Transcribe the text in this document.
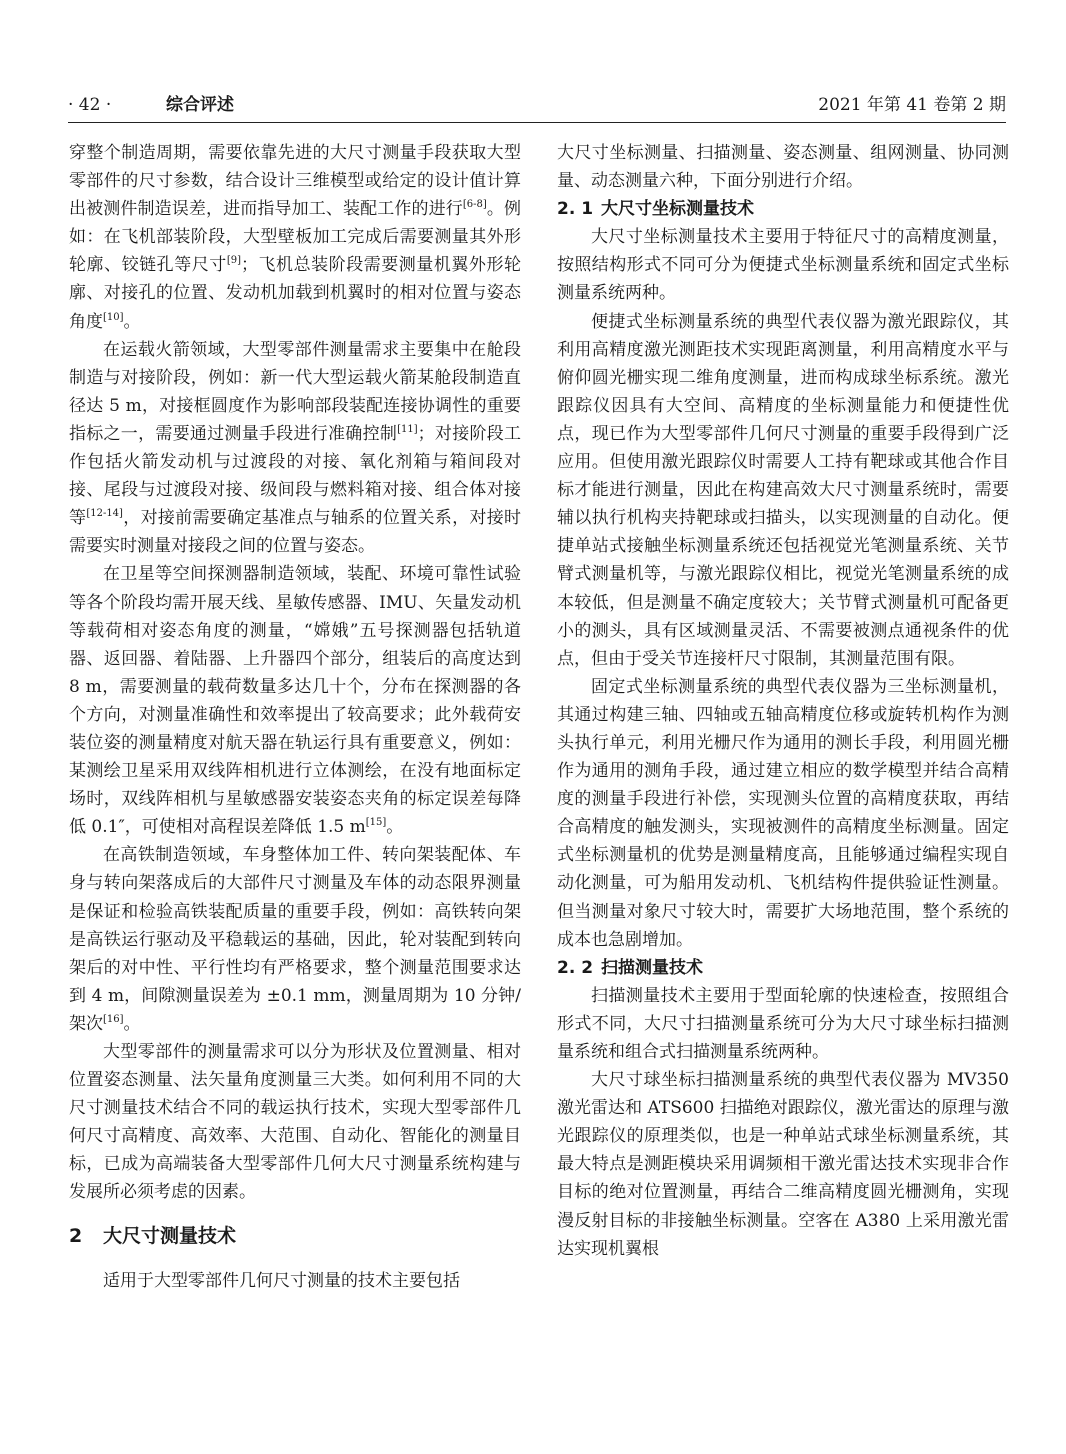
· 42 ·	综合评述	2021 年第 41 卷第 2 期

穿整个制造周期，需要依靠先进的大尺寸测量手段获取大型零部件的尺寸参数，结合设计三维模型或给定的设计值计算出被测件制造误差，进而指导加工、装配工作的进行[6-8]。例如：在飞机部装阶段，大型壁板加工完成后需要测量其外形轮廓、铰链孔等尺寸[9]；飞机总装阶段需要测量机翼外形轮廓、对接孔的位置、发动机加载到机翼时的相对位置与姿态角度[10]。

在运载火箭领域，大型零部件测量需求主要集中在舱段制造与对接阶段，例如：新一代大型运载火箭某舱段制造直径达 5 m，对接框圆度作为影响部段装配连接协调性的重要指标之一，需要通过测量手段进行准确控制[11]；对接阶段工作包括火箭发动机与过渡段的对接、氧化剂箱与箱间段对接、尾段与过渡段对接、级间段与燃料箱对接、组合体对接等[12-14]，对接前需要确定基准点与轴系的位置关系，对接时需要实时测量对接段之间的位置与姿态。

在卫星等空间探测器制造领域，装配、环境可靠性试验等各个阶段均需开展天线、星敏传感器、IMU、矢量发动机等载荷相对姿态角度的测量，“嫦娥”五号探测器包括轨道器、返回器、着陆器、上升器四个部分，组装后的高度达到 8 m，需要测量的载荷数量多达几十个，分布在探测器的各个方向，对测量准确性和效率提出了较高要求；此外载荷安装位姿的测量精度对航天器在轨运行具有重要意义，例如：某测绘卫星采用双线阵相机进行立体测绘，在没有地面标定场时，双线阵相机与星敏感器安装姿态夹角的标定误差每降低 0.1″，可使相对高程误差降低 1.5 m[15]。

在高铁制造领域，车身整体加工件、转向架装配体、车身与转向架落成后的大部件尺寸测量及车体的动态限界测量是保证和检验高铁装配质量的重要手段，例如：高铁转向架是高铁运行驱动及平稳载运的基础，因此，轮对装配到转向架后的对中性、平行性均有严格要求，整个测量范围要求达到 4 m，间隙测量误差为 ±0.1 mm，测量周期为 10 分钟/架次[16]。

大型零部件的测量需求可以分为形状及位置测量、相对位置姿态测量、法矢量角度测量三大类。如何利用不同的大尺寸测量技术结合不同的载运执行技术，实现大型零部件几何尺寸高精度、高效率、大范围、自动化、智能化的测量目标，已成为高端装备大型零部件几何大尺寸测量系统构建与发展所必须考虑的因素。

2 大尺寸测量技术

适用于大型零部件几何尺寸测量的技术主要包括

大尺寸坐标测量、扫描测量、姿态测量、组网测量、协同测量、动态测量六种，下面分别进行介绍。

2. 1 大尺寸坐标测量技术

大尺寸坐标测量技术主要用于特征尺寸的高精度测量，按照结构形式不同可分为便捷式坐标测量系统和固定式坐标测量系统两种。

便捷式坐标测量系统的典型代表仪器为激光跟踪仪，其利用高精度激光测距技术实现距离测量，利用高精度水平与俯仰圆光栅实现二维角度测量，进而构成球坐标系统。激光跟踪仪因具有大空间、高精度的坐标测量能力和便捷性优点，现已作为大型零部件几何尺寸测量的重要手段得到广泛应用。但使用激光跟踪仪时需要人工持有靶球或其他合作目标才能进行测量，因此在构建高效大尺寸测量系统时，需要辅以执行机构夹持靶球或扫描头，以实现测量的自动化。便捷单站式接触坐标测量系统还包括视觉光笔测量系统、关节臂式测量机等，与激光跟踪仪相比，视觉光笔测量系统的成本较低，但是测量不确定度较大；关节臂式测量机可配备更小的测头，具有区域测量灵活、不需要被测点通视条件的优点，但由于受关节连接杆尺寸限制，其测量范围有限。

固定式坐标测量系统的典型代表仪器为三坐标测量机，其通过构建三轴、四轴或五轴高精度位移或旋转机构作为测头执行单元，利用光栅尺作为通用的测长手段，利用圆光栅作为通用的测角手段，通过建立相应的数学模型并结合高精度的测量手段进行补偿，实现测头位置的高精度获取，再结合高精度的触发测头，实现被测件的高精度坐标测量。固定式坐标测量机的优势是测量精度高，且能够通过编程实现自动化测量，可为船用发动机、飞机结构件提供验证性测量。但当测量对象尺寸较大时，需要扩大场地范围，整个系统的成本也急剧增加。

2. 2 扫描测量技术

扫描测量技术主要用于型面轮廓的快速检查，按照组合形式不同，大尺寸扫描测量系统可分为大尺寸球坐标扫描测量系统和组合式扫描测量系统两种。

大尺寸球坐标扫描测量系统的典型代表仪器为 MV350 激光雷达和 ATS600 扫描绝对跟踪仪，激光雷达的原理与激光跟踪仪的原理类似，也是一种单站式球坐标测量系统，其最大特点是测距模块采用调频相干激光雷达技术实现非合作目标的绝对位置测量，再结合二维高精度圆光栅测角，实现漫反射目标的非接触坐标测量。空客在 A380 上采用激光雷达实现机翼根
